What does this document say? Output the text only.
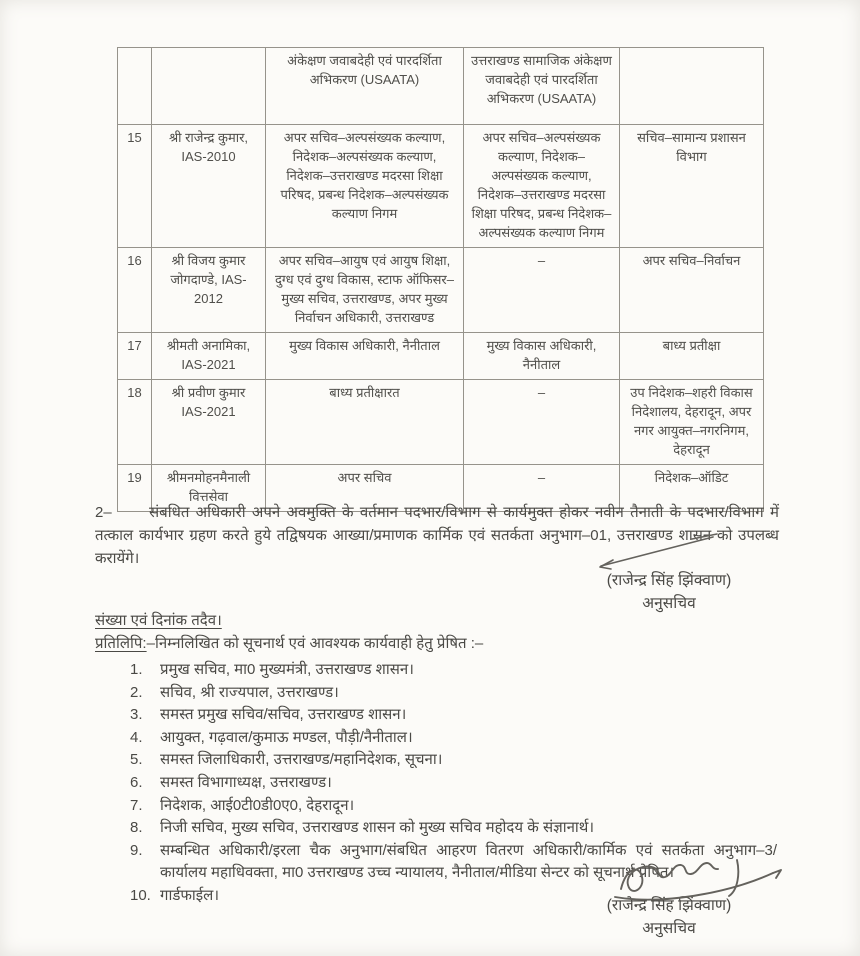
		अंकेक्षण जवाबदेही एवं पारदर्शिता अभिकरण (USAATA)	उत्तराखण्ड सामाजिक अंकेक्षण जवाबदेही एवं पारदर्शिता अभिकरण (USAATA)	
15	श्री राजेन्द्र कुमार, IAS-2010	अपर सचिव–अल्पसंख्यक कल्याण, निदेशक–अल्पसंख्यक कल्याण, निदेशक–उत्तराखण्ड मदरसा शिक्षा परिषद, प्रबन्ध निदेशक–अल्पसंख्यक कल्याण निगम	अपर सचिव–अल्पसंख्यक कल्याण, निदेशक–अल्पसंख्यक कल्याण, निदेशक–उत्तराखण्ड मदरसा शिक्षा परिषद, प्रबन्ध निदेशक–अल्पसंख्यक कल्याण निगम	सचिव–सामान्य प्रशासन विभाग
16	श्री विजय कुमार जोगदाण्डे, IAS-2012	अपर सचिव–आयुष एवं आयुष शिक्षा, दुग्ध एवं दुग्ध विकास, स्टाफ ऑफिसर–मुख्य सचिव, उत्तराखण्ड, अपर मुख्य निर्वाचन अधिकारी, उत्तराखण्ड	–	अपर सचिव–निर्वाचन
17	श्रीमती अनामिका, IAS-2021	मुख्य विकास अधिकारी, नैनीताल	मुख्य विकास अधिकारी, नैनीताल	बाध्य प्रतीक्षा
18	श्री प्रवीण कुमार IAS-2021	बाध्य प्रतीक्षारत	–	उप निदेशक–शहरी विकास निदेशालय, देहरादून, अपर नगर आयुक्त–नगरनिगम, देहरादून
19	श्रीमनमोहनमैनाली वित्तसेवा	अपर सचिव	–	निदेशक–ऑडिट
2– संबधित अधिकारी अपने अवमुक्ति के वर्तमान पदभार/विभाग से कार्यमुक्त होकर नवीन तैनाती के पदभार/विभाग में तत्काल कार्यभार ग्रहण करते हुये तद्विषयक आख्या/प्रमाणक कार्मिक एवं सतर्कता अनुभाग–01, उत्तराखण्ड शासन को उपलब्ध करायेंगे।
(राजेन्द्र सिंह झिंक्वाण)
अनुसचिव
संख्या एवं दिनांक तदैव।
प्रतिलिपि:–निम्नलिखित को सूचनार्थ एवं आवश्यक कार्यवाही हेतु प्रेषित :–
1.	प्रमुख सचिव, मा0 मुख्यमंत्री, उत्तराखण्ड शासन।
2.	सचिव, श्री राज्यपाल, उत्तराखण्ड।
3.	समस्त प्रमुख सचिव/सचिव, उत्तराखण्ड शासन।
4.	आयुक्त, गढ़वाल/कुमाऊ मण्डल, पौड़ी/नैनीताल।
5.	समस्त जिलाधिकारी, उत्तराखण्ड/महानिदेशक, सूचना।
6.	समस्त विभागाध्यक्ष, उत्तराखण्ड।
7.	निदेशक, आई0टी0डी0ए0, देहरादून।
8.	निजी सचिव, मुख्य सचिव, उत्तराखण्ड शासन को मुख्य सचिव महोदय के संज्ञानार्थ।
9.	सम्बन्धित अधिकारी/इरला चैक अनुभाग/संबधित आहरण वितरण अधिकारी/कार्मिक एवं सतर्कता अनुभाग–3/कार्यालय महाधिवक्ता, मा0 उत्तराखण्ड उच्च न्यायालय, नैनीताल/मीडिया सेन्टर को सूचनार्थ प्रेषित।
10. गार्डफाईल।
(राजेन्द्र सिंह झिंक्वाण)
अनुसचिव
